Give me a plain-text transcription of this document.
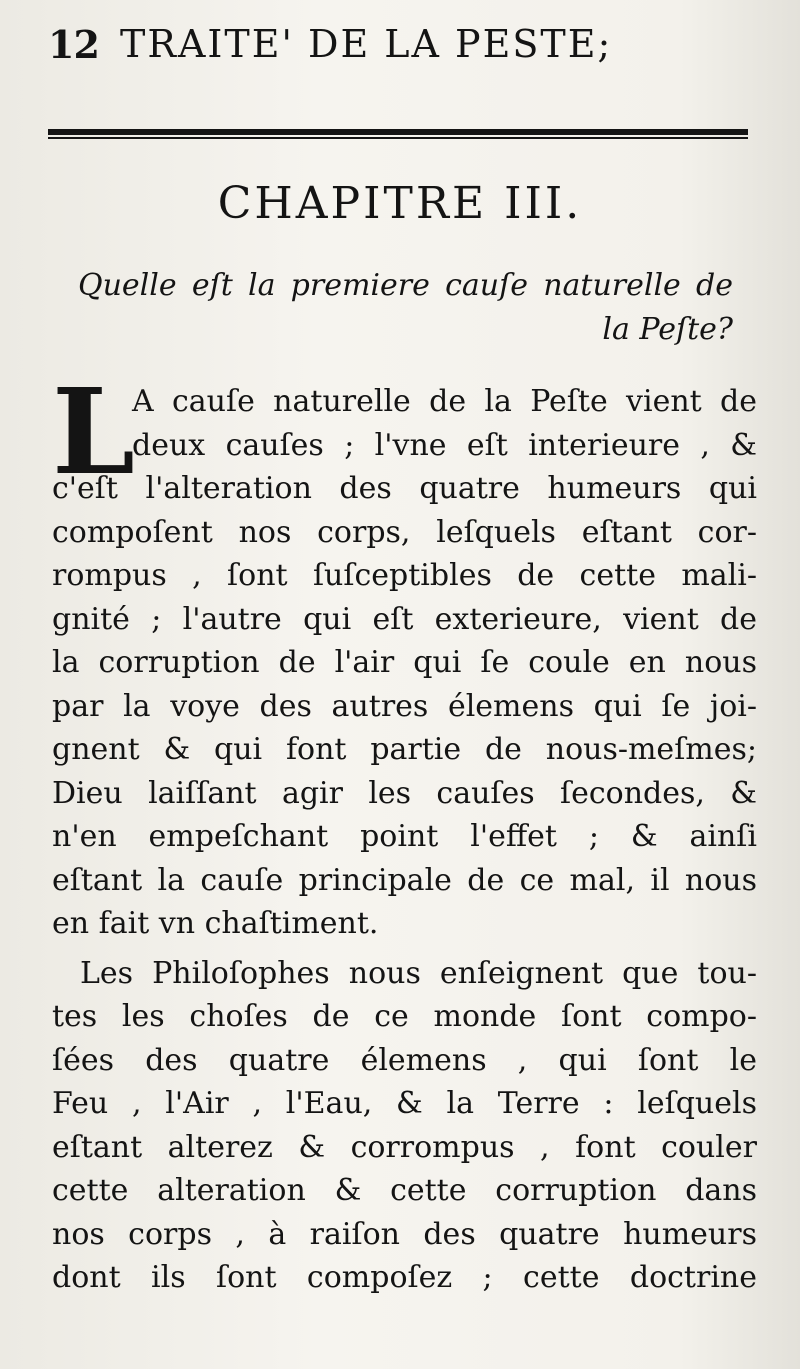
12 TRAITE' DE LA PESTE;
CHAPITRE III.
Quelle eſt la premiere cauſe naturelle de la Peſte?
L
A cauſe naturelle de la Peſte vient de
deux cauſes ; l'vne eſt interieure , &
c'eſt l'alteration des quatre humeurs qui
compoſent nos corps, leſquels eſtant cor-
rompus , ſont ſuſceptibles de cette mali-
gnité ; l'autre qui eſt exterieure, vient de
la corruption de l'air qui ſe coule en nous
par la voye des autres élemens qui ſe joi-
gnent & qui font partie de nous-meſmes;
Dieu laiſſant agir les cauſes ſecondes, &
n'en empeſchant point l'effet ; & ainſi
eſtant la cauſe principale de ce mal, il nous
en fait vn chaſtiment.
Les Philoſophes nous enſeignent que tou-
tes les choſes de ce monde ſont compo-
ſées des quatre élemens , qui ſont le
Feu , l'Air , l'Eau, & la Terre : leſquels
eſtant alterez & corrompus , font couler
cette alteration & cette corruption dans
nos corps , à raiſon des quatre humeurs
dont ils ſont compoſez ; cette doctrine
